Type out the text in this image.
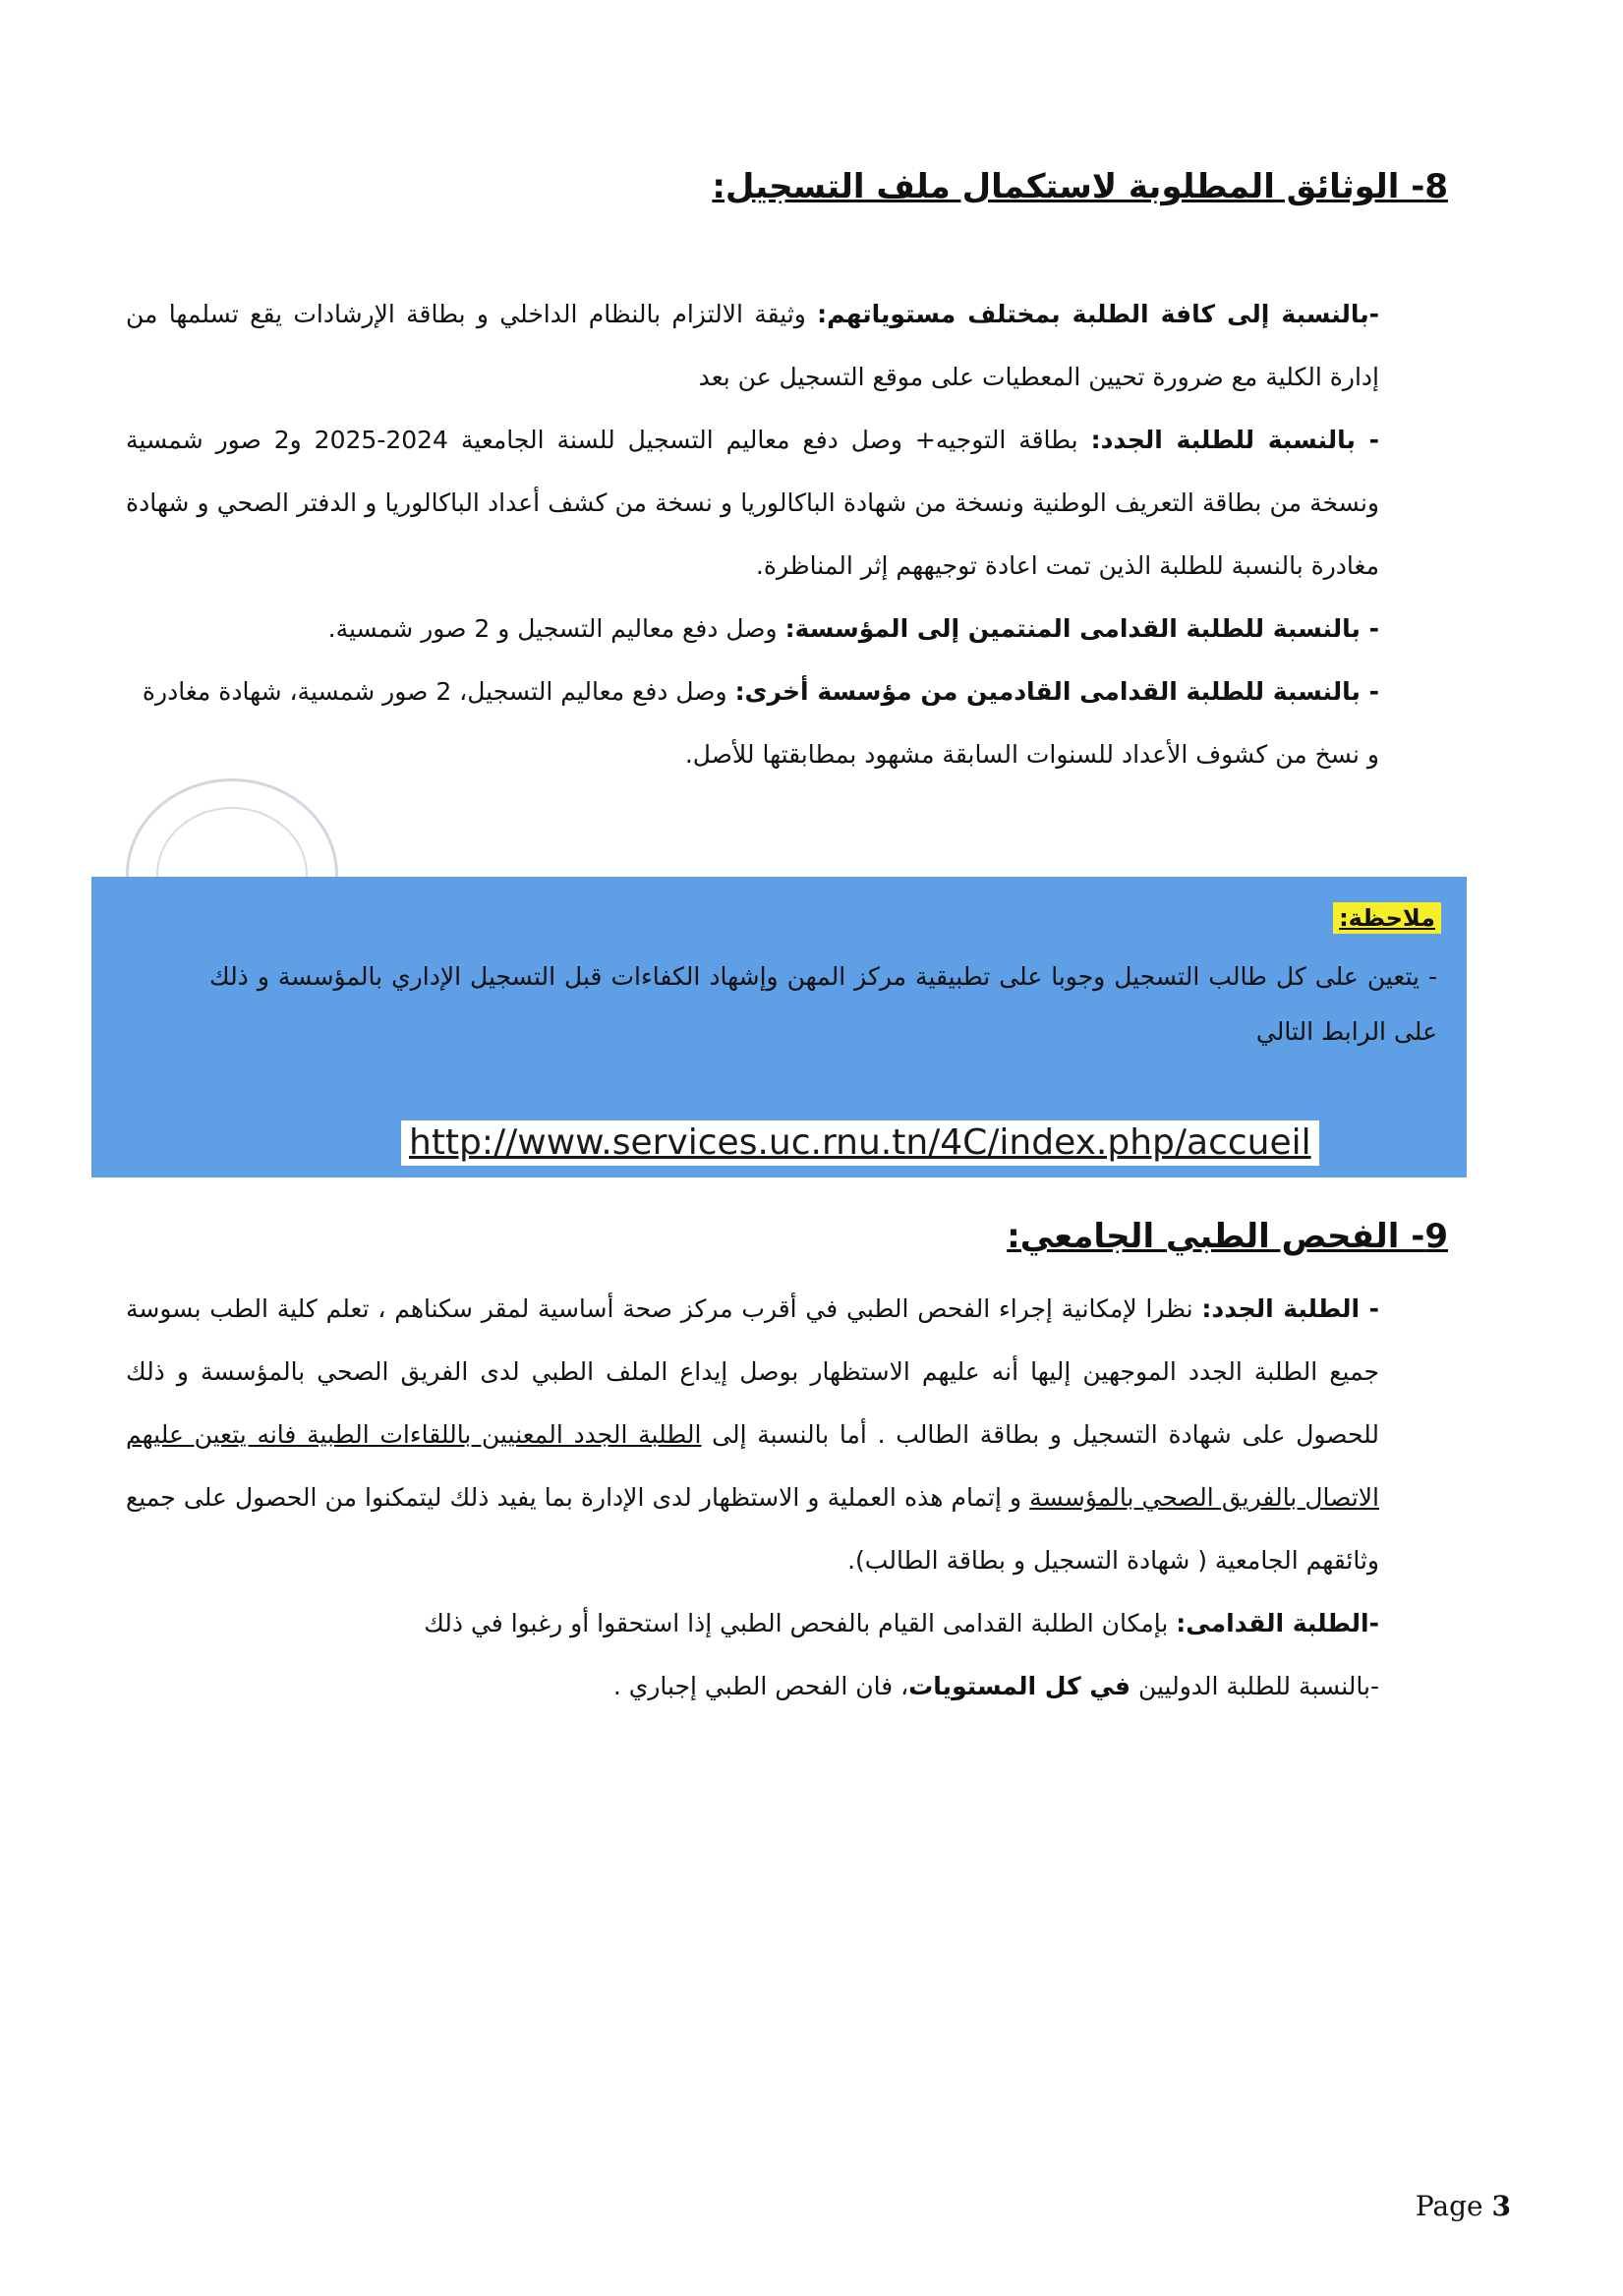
8- الوثائق المطلوبة لاستكمال ملف التسجيل:

-بالنسبة إلى كافة الطلبة بمختلف مستوياتهم: وثيقة الالتزام بالنظام الداخلي و بطاقة الإرشادات يقع تسلمها من إدارة الكلية مع ضرورة تحيين المعطيات على موقع التسجيل عن بعد

- بالنسبة للطلبة الجدد: بطاقة التوجيه+ وصل دفع معاليم التسجيل للسنة الجامعية 2024-2025 و2 صور شمسية ونسخة من بطاقة التعريف الوطنية ونسخة من شهادة الباكالوريا و نسخة من كشف أعداد الباكالوريا و الدفتر الصحي و شهادة مغادرة بالنسبة للطلبة الذين تمت اعادة توجيههم إثر المناظرة.

- بالنسبة للطلبة القدامى المنتمين إلى المؤسسة: وصل دفع معاليم التسجيل و 2 صور شمسية.

- بالنسبة للطلبة القدامى القادمين من مؤسسة أخرى: وصل دفع معاليم التسجيل، 2 صور شمسية، شهادة مغادرة

و نسخ من كشوف الأعداد للسنوات السابقة مشهود بمطابقتها للأصل.

ملاحظة:

- يتعين على كل طالب التسجيل وجوبا على تطبيقية مركز المهن وإشهاد الكفاءات قبل التسجيل الإداري بالمؤسسة و ذلك على الرابط التالي

http://www.services.uc.rnu.tn/4C/index.php/accueil
9- الفحص الطبي الجامعي:

- الطلبة الجدد: نظرا لإمكانية إجراء الفحص الطبي في أقرب مركز صحة أساسية لمقر سكناهم ، تعلم كلية الطب بسوسة جميع الطلبة الجدد الموجهين إليها أنه عليهم الاستظهار بوصل إيداع الملف الطبي لدى الفريق الصحي بالمؤسسة و ذلك للحصول على شهادة التسجيل و بطاقة الطالب . أما بالنسبة إلى الطلبة الجدد المعنيين باللقاءات الطبية فانه يتعين عليهم الاتصال بالفريق الصحي بالمؤسسة و إتمام هذه العملية و الاستظهار لدى الإدارة بما يفيد ذلك ليتمكنوا من الحصول على جميع وثائقهم الجامعية ( شهادة التسجيل و بطاقة الطالب).

-الطلبة القدامى: بإمكان الطلبة القدامى القيام بالفحص الطبي إذا استحقوا أو رغبوا في ذلك

-بالنسبة للطلبة الدوليين في كل المستويات، فان الفحص الطبي إجباري .

Page 3
